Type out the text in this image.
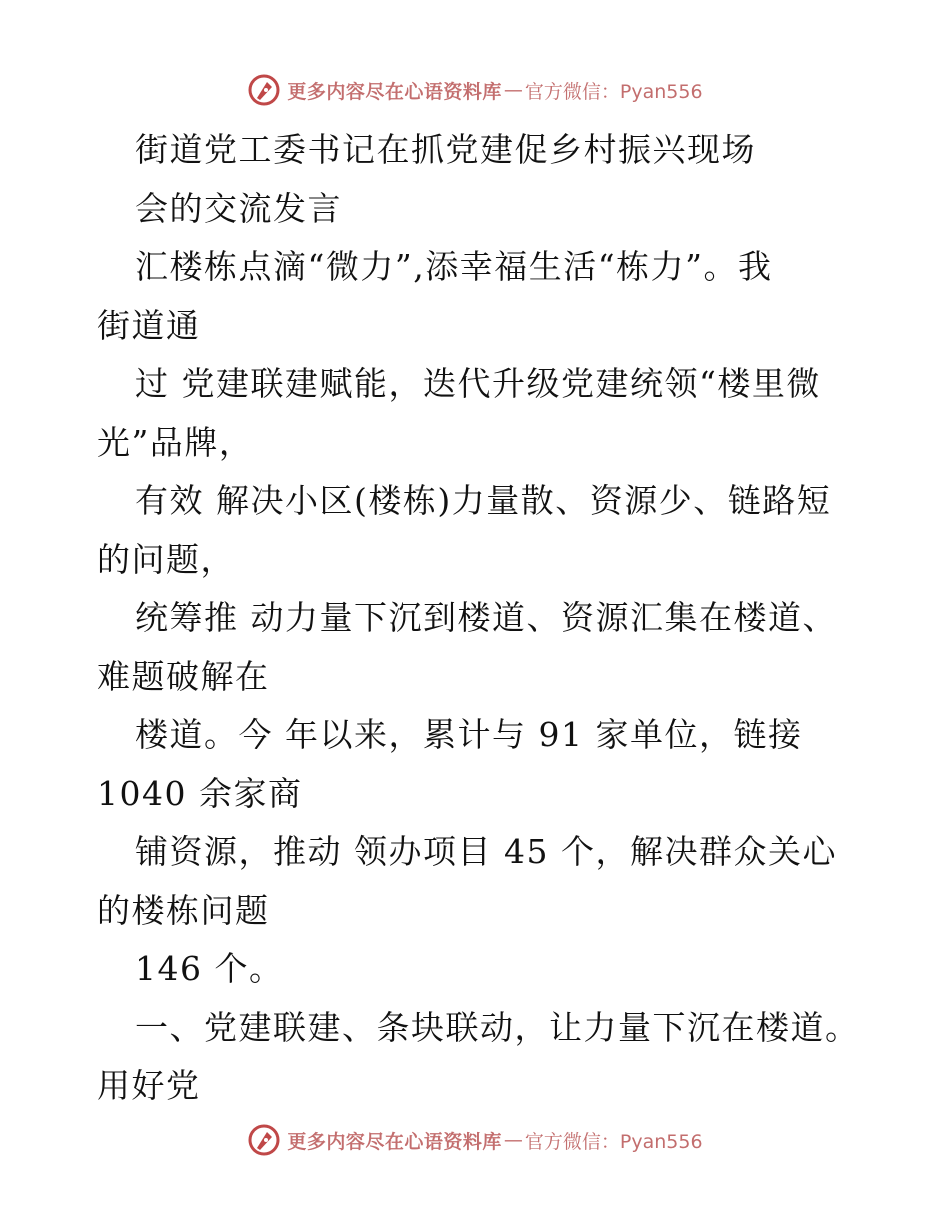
更多内容尽在心语资料库 — 官方微信：Pyan556
街道党工委书记在抓党建促乡村振兴现场
会的交流发言
汇楼栋点滴“微力”,添幸福生活“栋力”。我
街道通
过 党建联建赋能，迭代升级党建统领“楼里微
光”品牌，
有效 解决小区(楼栋)力量散、资源少、链路短
的问题，
统筹推 动力量下沉到楼道、资源汇集在楼道、
难题破解在
楼道。今 年以来，累计与 91 家单位，链接
1040 余家商
铺资源，推动 领办项目 45 个，解决群众关心
的楼栋问题
146 个。
一、党建联建、条块联动，让力量下沉在楼道。
用好党
更多内容尽在心语资料库 — 官方微信：Pyan556
